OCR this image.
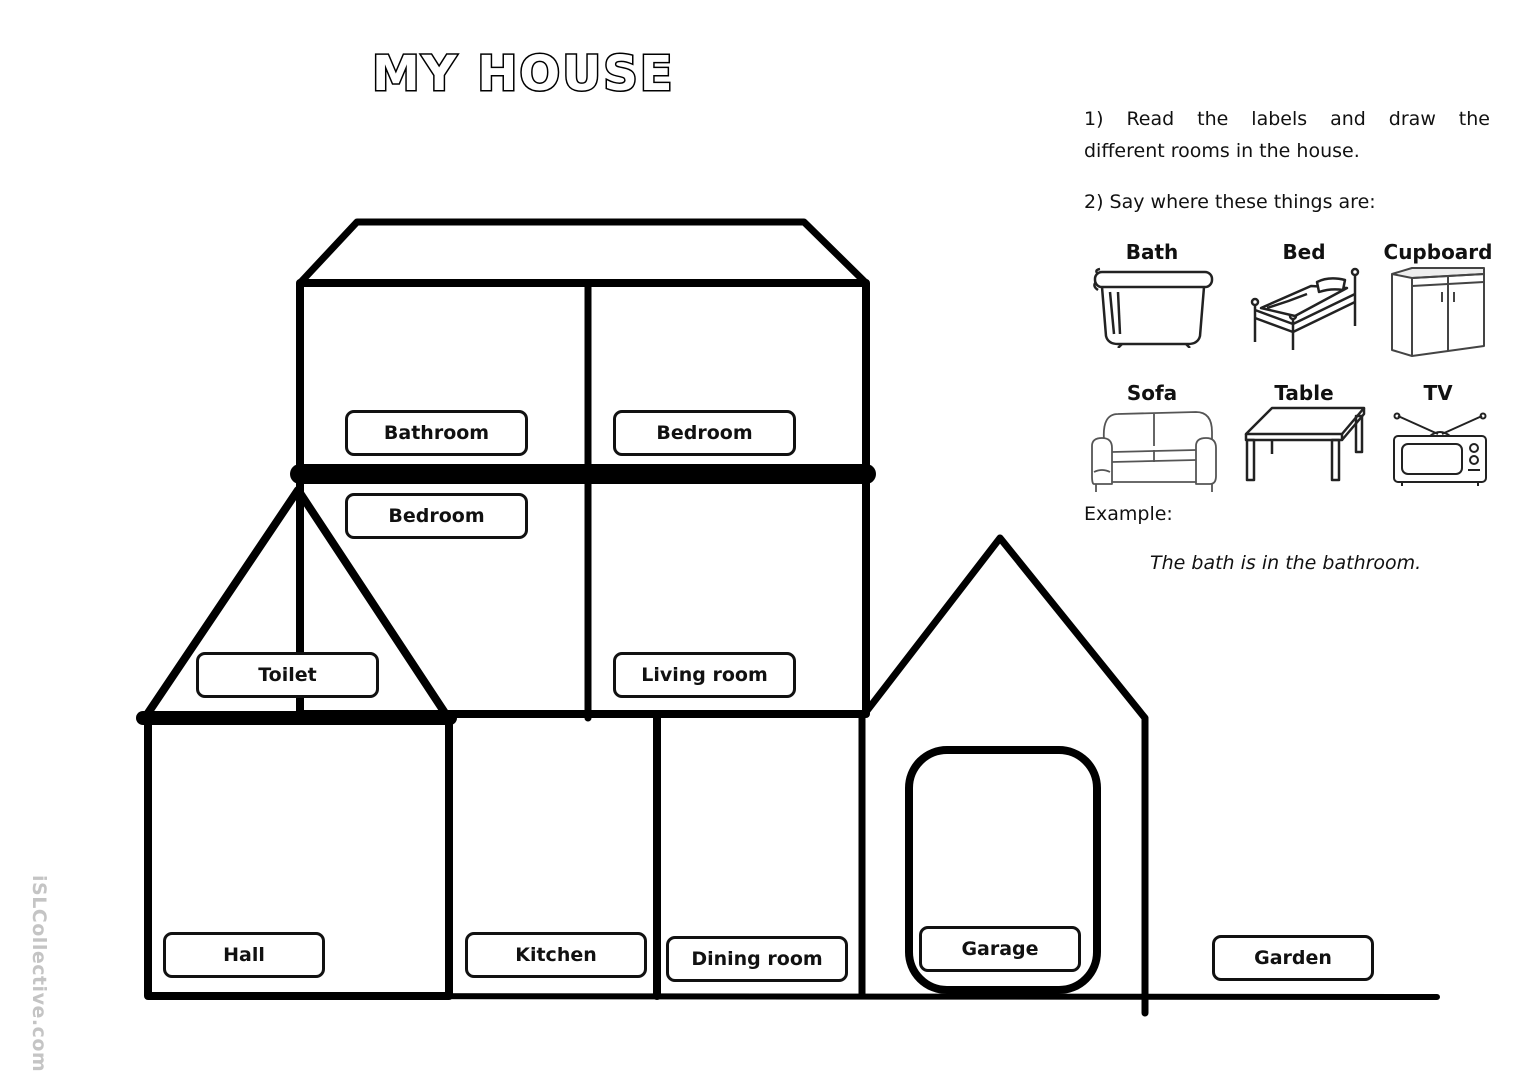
MY HOUSE
1) Read the labels and draw the
different rooms in the house.
2) Say where these things are:
Bath	Bed	Cupboard
Sofa	Table	TV
Example:
The bath is in the bathroom.
Bathroom	Bedroom
Bedroom
Toilet	Living room
Hall	Kitchen	Dining room	Garage	Garden
iSLCollective.com
